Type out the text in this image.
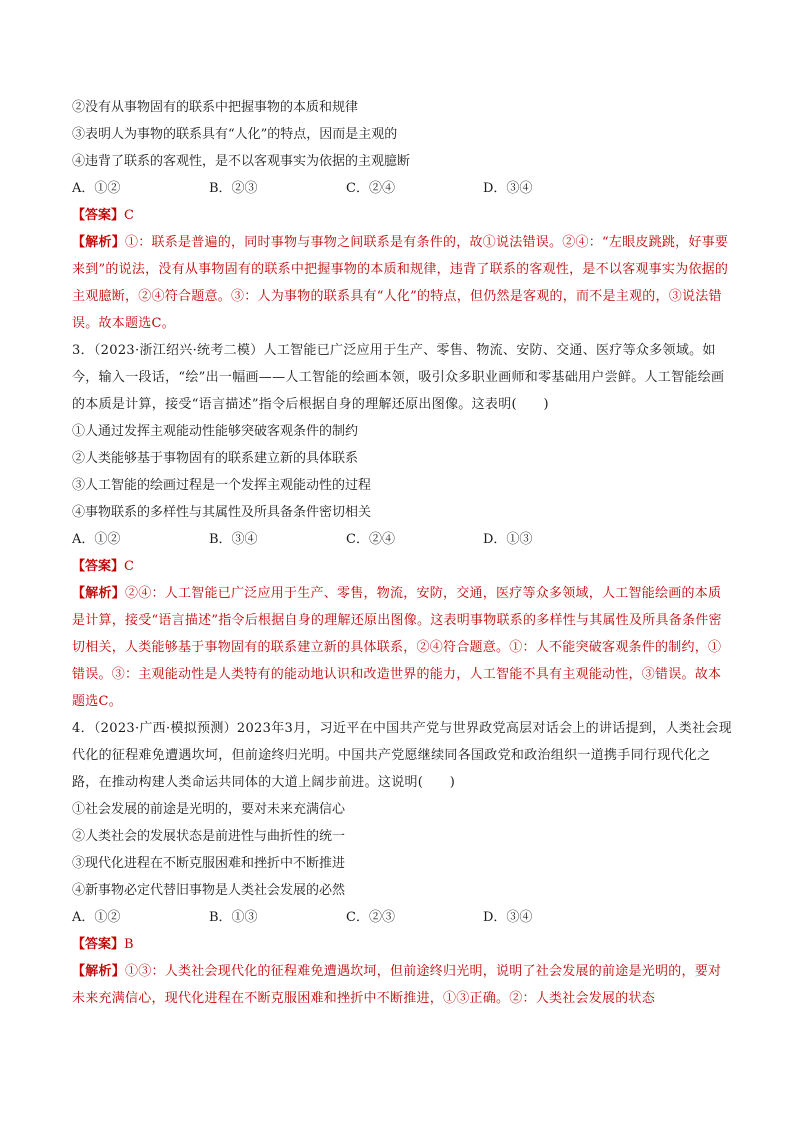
②没有从事物固有的联系中把握事物的本质和规律
③表明人为事物的联系具有“人化”的特点，因而是主观的
④违背了联系的客观性，是不以客观事实为依据的主观臆断
A．①②	B．②③	C．②④	D．③④
【答案】C
【解析】①：联系是普遍的，同时事物与事物之间联系是有条件的，故①说法错误。②④：“左眼皮跳跳，好事要来到”的说法，没有从事物固有的联系中把握事物的本质和规律，违背了联系的客观性，是不以客观事实为依据的主观臆断，②④符合题意。③：人为事物的联系具有“人化”的特点，但仍然是客观的，而不是主观的，③说法错误。故本题选C。
3．（2023·浙江绍兴·统考二模）人工智能已广泛应用于生产、零售、物流、安防、交通、医疗等众多领域。如今，输入一段话，“绘”出一幅画——人工智能的绘画本领，吸引众多职业画师和零基础用户尝鲜。人工智能绘画的本质是计算，接受“语言描述”指令后根据自身的理解还原出图像。这表明(　　)
①人通过发挥主观能动性能够突破客观条件的制约
②人类能够基于事物固有的联系建立新的具体联系
③人工智能的绘画过程是一个发挥主观能动性的过程
④事物联系的多样性与其属性及所具备条件密切相关
A．①②	B．③④	C．②④	D．①③
【答案】C
【解析】②④：人工智能已广泛应用于生产、零售，物流，安防，交通，医疗等众多领域，人工智能绘画的本质是计算，接受“语言描述”指令后根据自身的理解还原出图像。这表明事物联系的多样性与其属性及所具备条件密切相关，人类能够基于事物固有的联系建立新的具体联系，②④符合题意。①：人不能突破客观条件的制约，①错误。③：主观能动性是人类特有的能动地认识和改造世界的能力，人工智能不具有主观能动性，③错误。故本题选C。
4．（2023·广西·模拟预测）2023年3月，习近平在中国共产党与世界政党高层对话会上的讲话提到，人类社会现代化的征程难免遭遇坎坷，但前途终归光明。中国共产党愿继续同各国政党和政治组织一道携手同行现代化之路，在推动构建人类命运共同体的大道上阔步前进。这说明(　　)
①社会发展的前途是光明的，要对未来充满信心
②人类社会的发展状态是前进性与曲折性的统一
③现代化进程在不断克服困难和挫折中不断推进
④新事物必定代替旧事物是人类社会发展的必然
A．①②	B．①③	C．②③	D．③④
【答案】B
【解析】①③：人类社会现代化的征程难免遭遇坎坷，但前途终归光明，说明了社会发展的前途是光明的，要对未来充满信心，现代化进程在不断克服困难和挫折中不断推进，①③正确。②：人类社会发展的状态
